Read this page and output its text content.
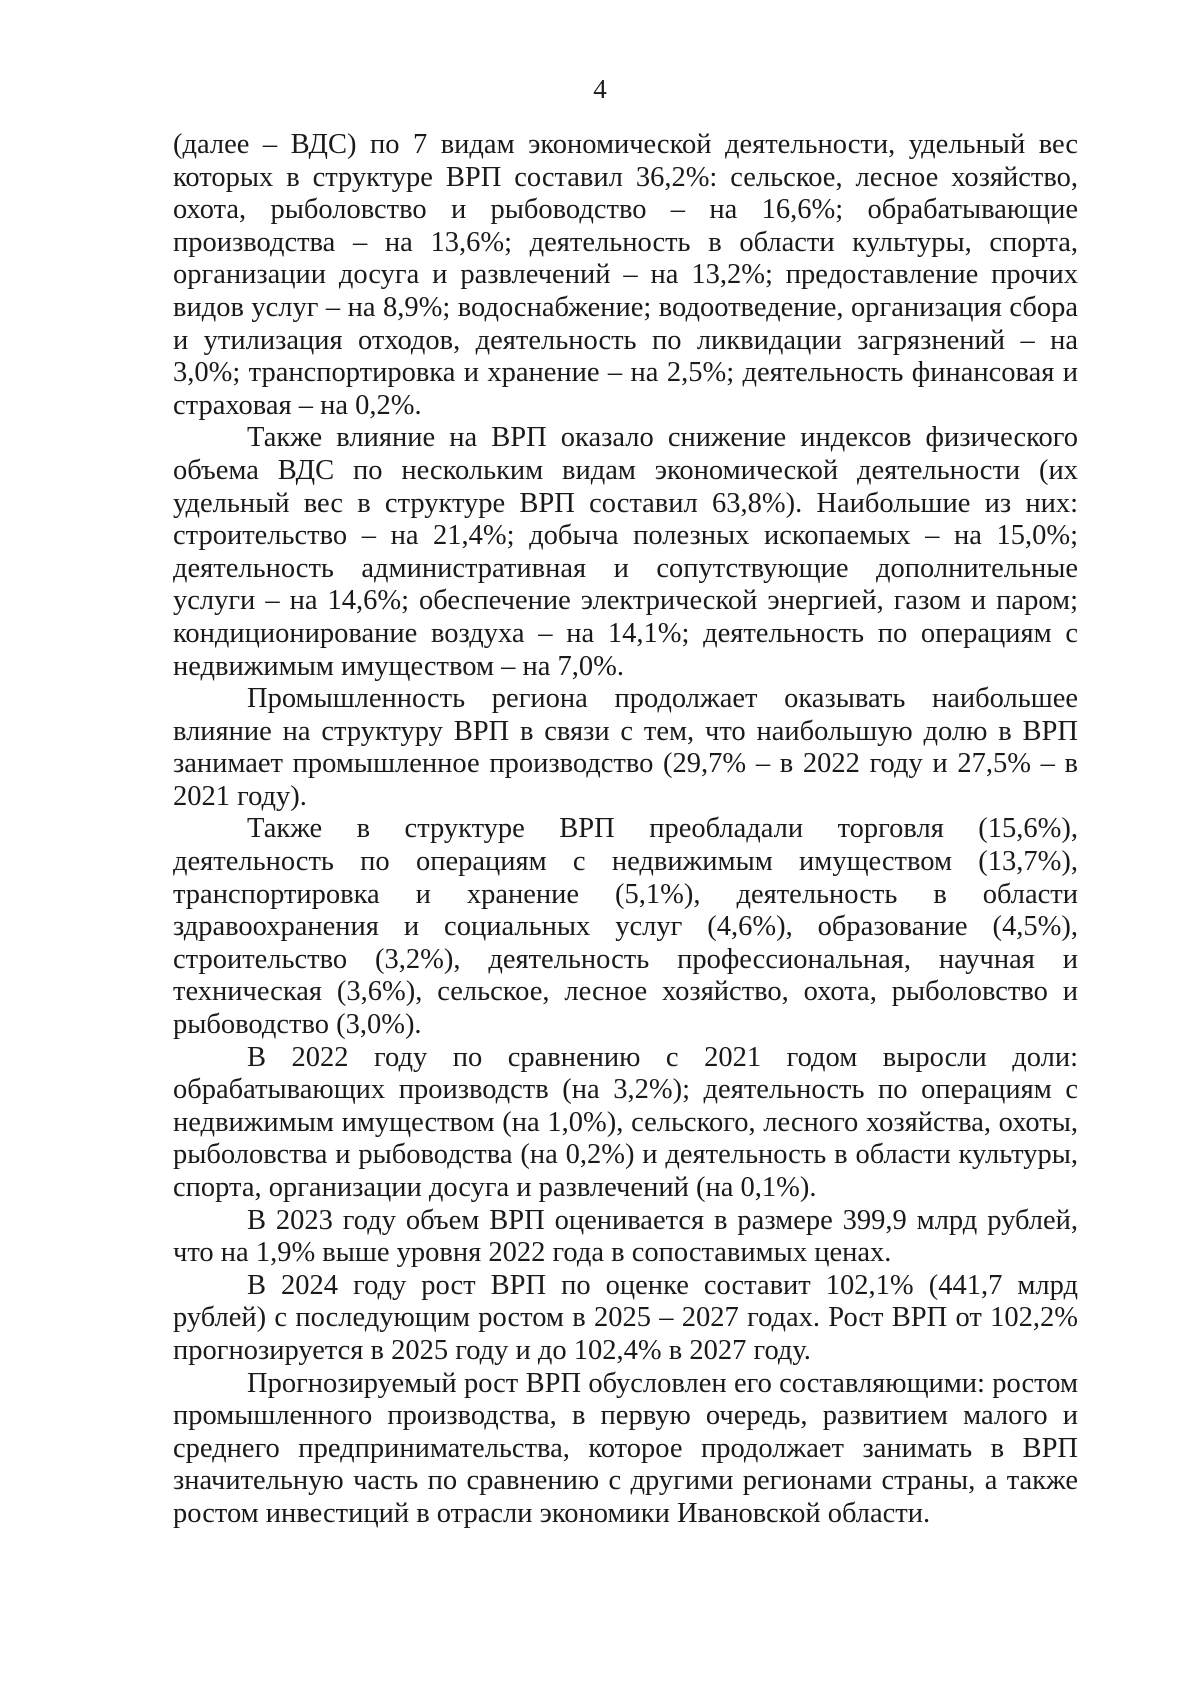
4

(далее – ВДС) по 7 видам экономической деятельности, удельный вес которых в структуре ВРП составил 36,2%: сельское, лесное хозяйство, охота, рыболовство и рыбоводство – на 16,6%; обрабатывающие производства – на 13,6%; деятельность в области культуры, спорта, организации досуга и развлечений – на 13,2%; предоставление прочих видов услуг – на 8,9%; водоснабжение; водоотведение, организация сбора и утилизация отходов, деятельность по ликвидации загрязнений – на 3,0%; транспортировка и хранение – на 2,5%; деятельность финансовая и страховая – на 0,2%.

Также влияние на ВРП оказало снижение индексов физического объема ВДС по нескольким видам экономической деятельности (их удельный вес в структуре ВРП составил 63,8%). Наибольшие из них: строительство – на 21,4%; добыча полезных ископаемых – на 15,0%; деятельность административная и сопутствующие дополнительные услуги – на 14,6%; обеспечение электрической энергией, газом и паром; кондиционирование воздуха – на 14,1%; деятельность по операциям с недвижимым имуществом – на 7,0%.

Промышленность региона продолжает оказывать наибольшее влияние на структуру ВРП в связи с тем, что наибольшую долю в ВРП занимает промышленное производство (29,7% – в 2022 году и 27,5% – в 2021 году).

Также в структуре ВРП преобладали торговля (15,6%), деятельность по операциям с недвижимым имуществом (13,7%), транспортировка и хранение (5,1%), деятельность в области здравоохранения и социальных услуг (4,6%), образование (4,5%), строительство (3,2%), деятельность профессиональная, научная и техническая (3,6%), сельское, лесное хозяйство, охота, рыболовство и рыбоводство (3,0%).

В 2022 году по сравнению с 2021 годом выросли доли: обрабатывающих производств (на 3,2%); деятельность по операциям с недвижимым имуществом (на 1,0%), сельского, лесного хозяйства, охоты, рыболовства и рыбоводства (на 0,2%) и деятельность в области культуры, спорта, организации досуга и развлечений (на 0,1%).

В 2023 году объем ВРП оценивается в размере 399,9 млрд рублей, что на 1,9% выше уровня 2022 года в сопоставимых ценах.

В 2024 году рост ВРП по оценке составит 102,1% (441,7 млрд рублей) с последующим ростом в 2025 – 2027 годах. Рост ВРП от 102,2% прогнозируется в 2025 году и до 102,4% в 2027 году.

Прогнозируемый рост ВРП обусловлен его составляющими: ростом промышленного производства, в первую очередь, развитием малого и среднего предпринимательства, которое продолжает занимать в ВРП значительную часть по сравнению с другими регионами страны, а также ростом инвестиций в отрасли экономики Ивановской области.
